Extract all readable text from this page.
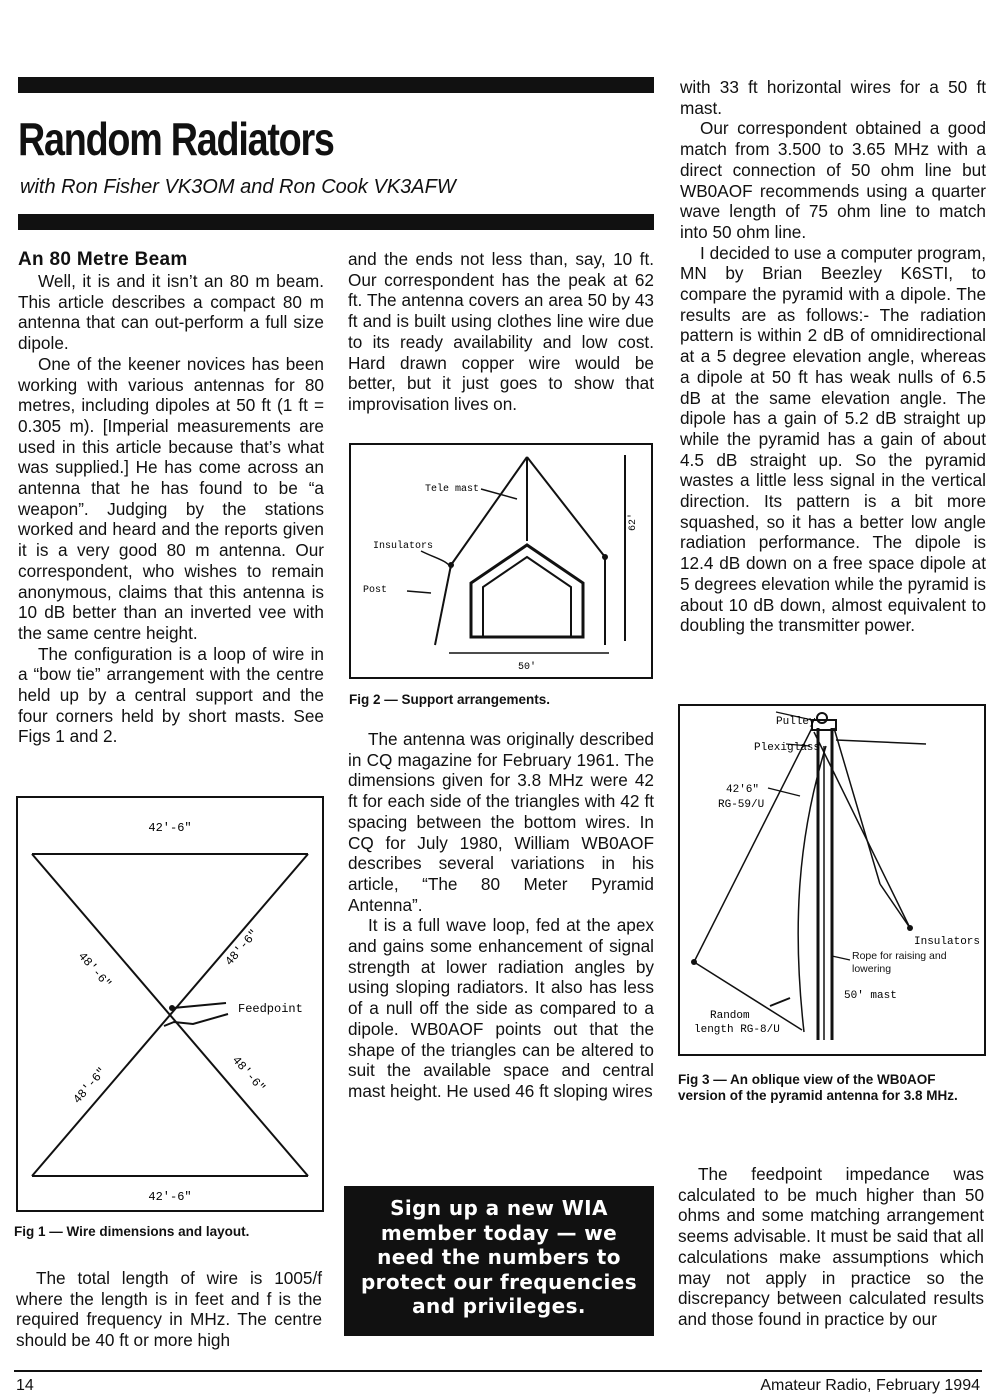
Random Radiators
with Ron Fisher VK3OM and Ron Cook VK3AFW
An 80 Metre Beam

Well, it is and it isn’t an 80 m beam. This article describes a compact 80 m antenna that can out-perform a full size dipole.

One of the keener novices has been working with various antennas for 80 metres, including dipoles at 50 ft (1 ft = 0.305 m). [Imperial measurements are used in this article because that’s what was supplied.] He has come across an antenna that he has found to be “a weapon”. Judging by the stations worked and heard and the reports given it is a very good 80 m antenna. Our correspondent, who wishes to remain anonymous, claims that this antenna is 10 dB better than an inverted vee with the same centre height.

The configuration is a loop of wire in a “bow tie” arrangement with the centre held up by a central support and the four corners held by short masts. See Figs 1 and 2.

42'-6"
42'-6"
Feedpoint
48'-6"
48'-6"
48'-6"	48'-6"
Fig 1 — Wire dimensions and layout.

The total length of wire is 1005/f where the length is in feet and f is the required frequency in MHz. The centre should be 40 ft or more high

and the ends not less than, say, 10 ft. Our correspondent has the peak at 62 ft. The antenna covers an area 50 by 43 ft and is built using clothes line wire due to its ready availability and low cost. Hard drawn copper wire would be better, but it just goes to show that improvisation lives on.

Tele mast
Insulators
Post
62'
50'
Fig 2 — Support arrangements.

The antenna was originally described in CQ magazine for February 1961. The dimensions given for 3.8 MHz were 42 ft for each side of the triangles with 42 ft spacing between the bottom wires. In CQ for July 1980, William WB0AOF describes several variations in his article, “The 80 Meter Pyramid Antenna”.

It is a full wave loop, fed at the apex and gains some enhancement of signal strength at lower radiation angles by using sloping radiators. It also has less of a null off the side as compared to a dipole. WB0AOF points out that the shape of the triangles can be altered to suit the available space and central mast height. He used 46 ft sloping wires

Sign up a new WIA member today — we need the numbers to protect our frequencies and privileges.

with 33 ft horizontal wires for a 50 ft mast.

Our correspondent obtained a good match from 3.500 to 3.65 MHz with a direct connection of 50 ohm line but WB0AOF recommends using a quarter wave length of 75 ohm line to match into 50 ohm line.

I decided to use a computer program, MN by Brian Beezley K6STI, to compare the pyramid with a dipole. The results are as follows:- The radiation pattern is within 2 dB of omnidirectional at a 5 degree elevation angle, whereas a dipole at 50 ft has weak nulls of 6.5 dB at the same elevation angle. The dipole has a gain of 5.2 dB straight up while the pyramid has a gain of about 4.5 dB straight up. So the pyramid wastes a little less signal in the vertical direction. Its pattern is a bit more squashed, so it has a better low angle radiation performance. The dipole is 12.4 dB down on a free space dipole at 5 degrees elevation while the pyramid is about 10 dB down, almost equivalent to doubling the transmitter power.

Pulley
Plexiglass
42'6"
RG-59/U
Insulators
Rope for raising and lowering
50' mast
Random
length RG-8/U
Fig 3 — An oblique view of the WB0AOF version of the pyramid antenna for 3.8 MHz.

The feedpoint impedance was calculated to be much higher than 50 ohms and some matching arrangement seems advisable. It must be said that all calculations make assumptions which may not apply in practice so the discrepancy between calculated results and those found in practice by our

14	Amateur Radio, February 1994
